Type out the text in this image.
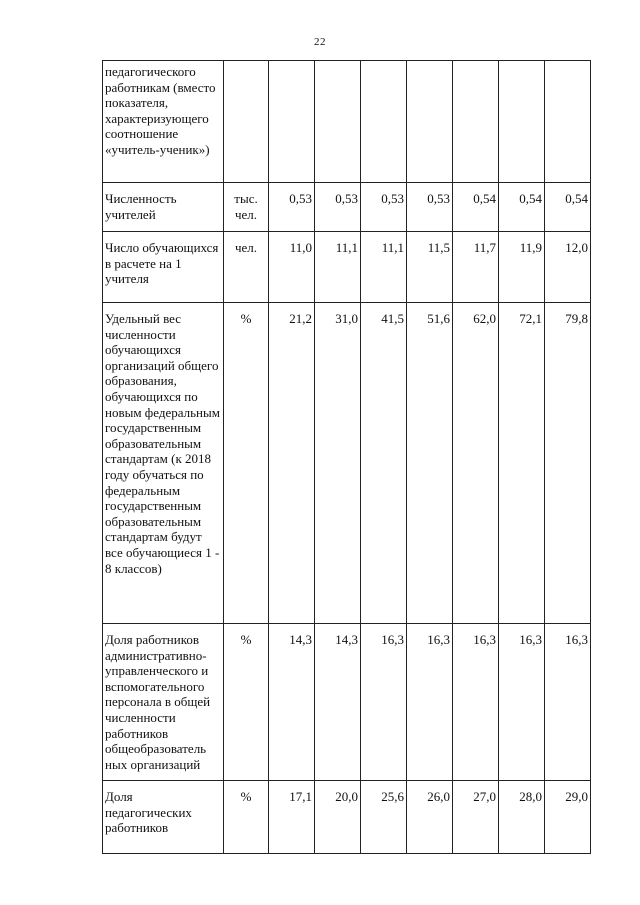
22
педагогического работникам (вместо показателя, характеризующего соотношение «учитель-ученик»)								
Численность учителей	тыс. чел.	0,53	0,53	0,53	0,53	0,54	0,54	0,54
Число обучающихся в расчете на 1 учителя	чел.	11,0	11,1	11,1	11,5	11,7	11,9	12,0
Удельный вес численности обучающихся организаций общего образования, обучающихся по новым федеральным государственным образовательным стандартам (к 2018 году обучаться по федеральным государственным образовательным стандартам будут все обучающиеся 1 - 8 классов)	%	21,2	31,0	41,5	51,6	62,0	72,1	79,8
Доля работников административно-управленческого и вспомогательного персонала в общей численности работников общеобразователь ных организаций	%	14,3	14,3	16,3	16,3	16,3	16,3	16,3
Доля педагогических работников	%	17,1	20,0	25,6	26,0	27,0	28,0	29,0
